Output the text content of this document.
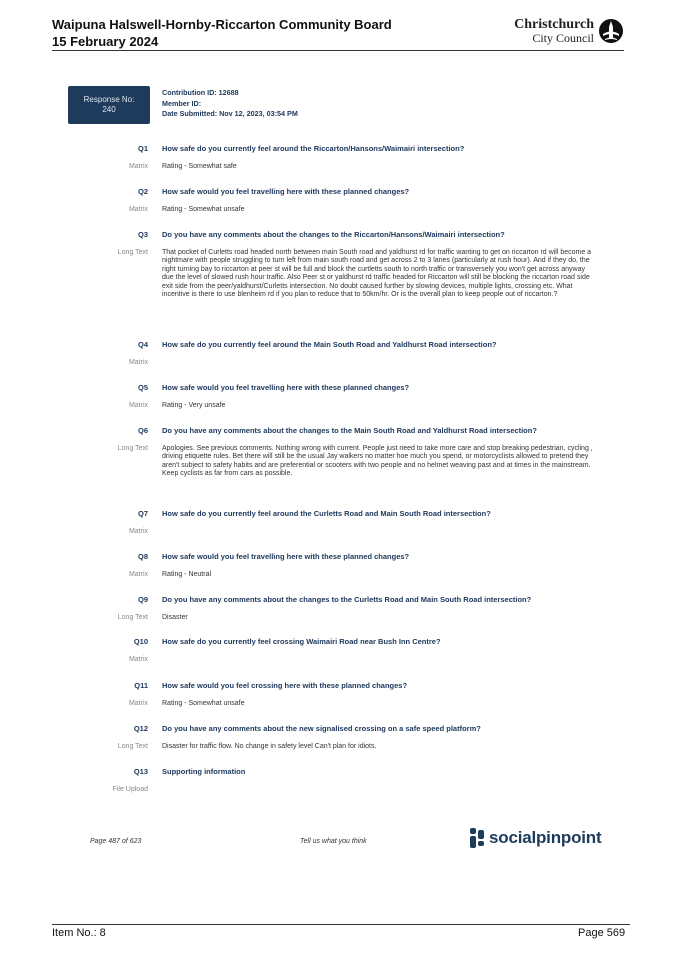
Waipuna Halswell-Hornby-Riccarton Community Board
15 February 2024
Christchurch
City Council
Response No:
240
Contribution ID: 12688
Member ID:
Date Submitted: Nov 12, 2023, 03:54 PM
Q1 How safe do you currently feel around the Riccarton/Hansons/Waimairi intersection?
Matrix Rating - Somewhat safe
Q2 How safe would you feel travelling here with these planned changes?
Matrix Rating - Somewhat unsafe
Q3 Do you have any comments about the changes to the Riccarton/Hansons/Waimairi intersection?
Long Text That pocket of Curletts road headed north between main South road and yaldhurst rd for traffic wanting to get on riccarton rd will become a nightmare with people struggling to turn left from main south road and get across 2 to 3 lanes (particularly at rush hour). And if they do, the right turning bay to riccarton at peer st will be full and block the curtletts south to north traffic or transversely you won't get across anyway due the level of slowed rush hour traffic. Also Peer st or yaldhurst rd traffic headed for Riccarton will still be blocking the riccarton road side exit side from the peer/yaldhurst/Curletts intersection. No doubt caused further by slowing devices, multiple lights, crossing etc. What incentive is there to use blenheim rd if you plan to reduce that to 50km/hr. Or is the overall plan to keep people out of riccarton.?
Q4 How safe do you currently feel around the Main South Road and Yaldhurst Road intersection?
Matrix
Q5 How safe would you feel travelling here with these planned changes?
Matrix Rating - Very unsafe
Q6 Do you have any comments about the changes to the Main South Road and Yaldhurst Road intersection?
Long Text Apologies. See previous comments. Nothing wrong with current. People just need to take more care and stop breaking pedestrian, cycling , driving etiquette rules. Bet there will still be the usual Jay walkers no matter hoe much you spend, or motorcyclists allowed to pretend they aren't subject to safety habits and are preferential or scooters with two people and no helmet weaving past and at times in the mainstream. Keep cyclists as far from cars as possible.
Q7 How safe do you currently feel around the Curletts Road and Main South Road intersection?
Matrix
Q8 How safe would you feel travelling here with these planned changes?
Matrix Rating - Neutral
Q9 Do you have any comments about the changes to the Curletts Road and Main South Road intersection?
Long Text Disaster
Q10 How safe do you currently feel crossing Waimairi Road near Bush Inn Centre?
Matrix
Q11 How safe would you feel crossing here with these planned changes?
Matrix Rating - Somewhat unsafe
Q12 Do you have any comments about the new signalised crossing on a safe speed platform?
Long Text Disaster for traffic flow. No change in safety level Can't plan for idiots.
Q13 Supporting information
File Upload
Page 487 of 623	Tell us what you think	socialpinpoint
Item No.: 8	Page 569
